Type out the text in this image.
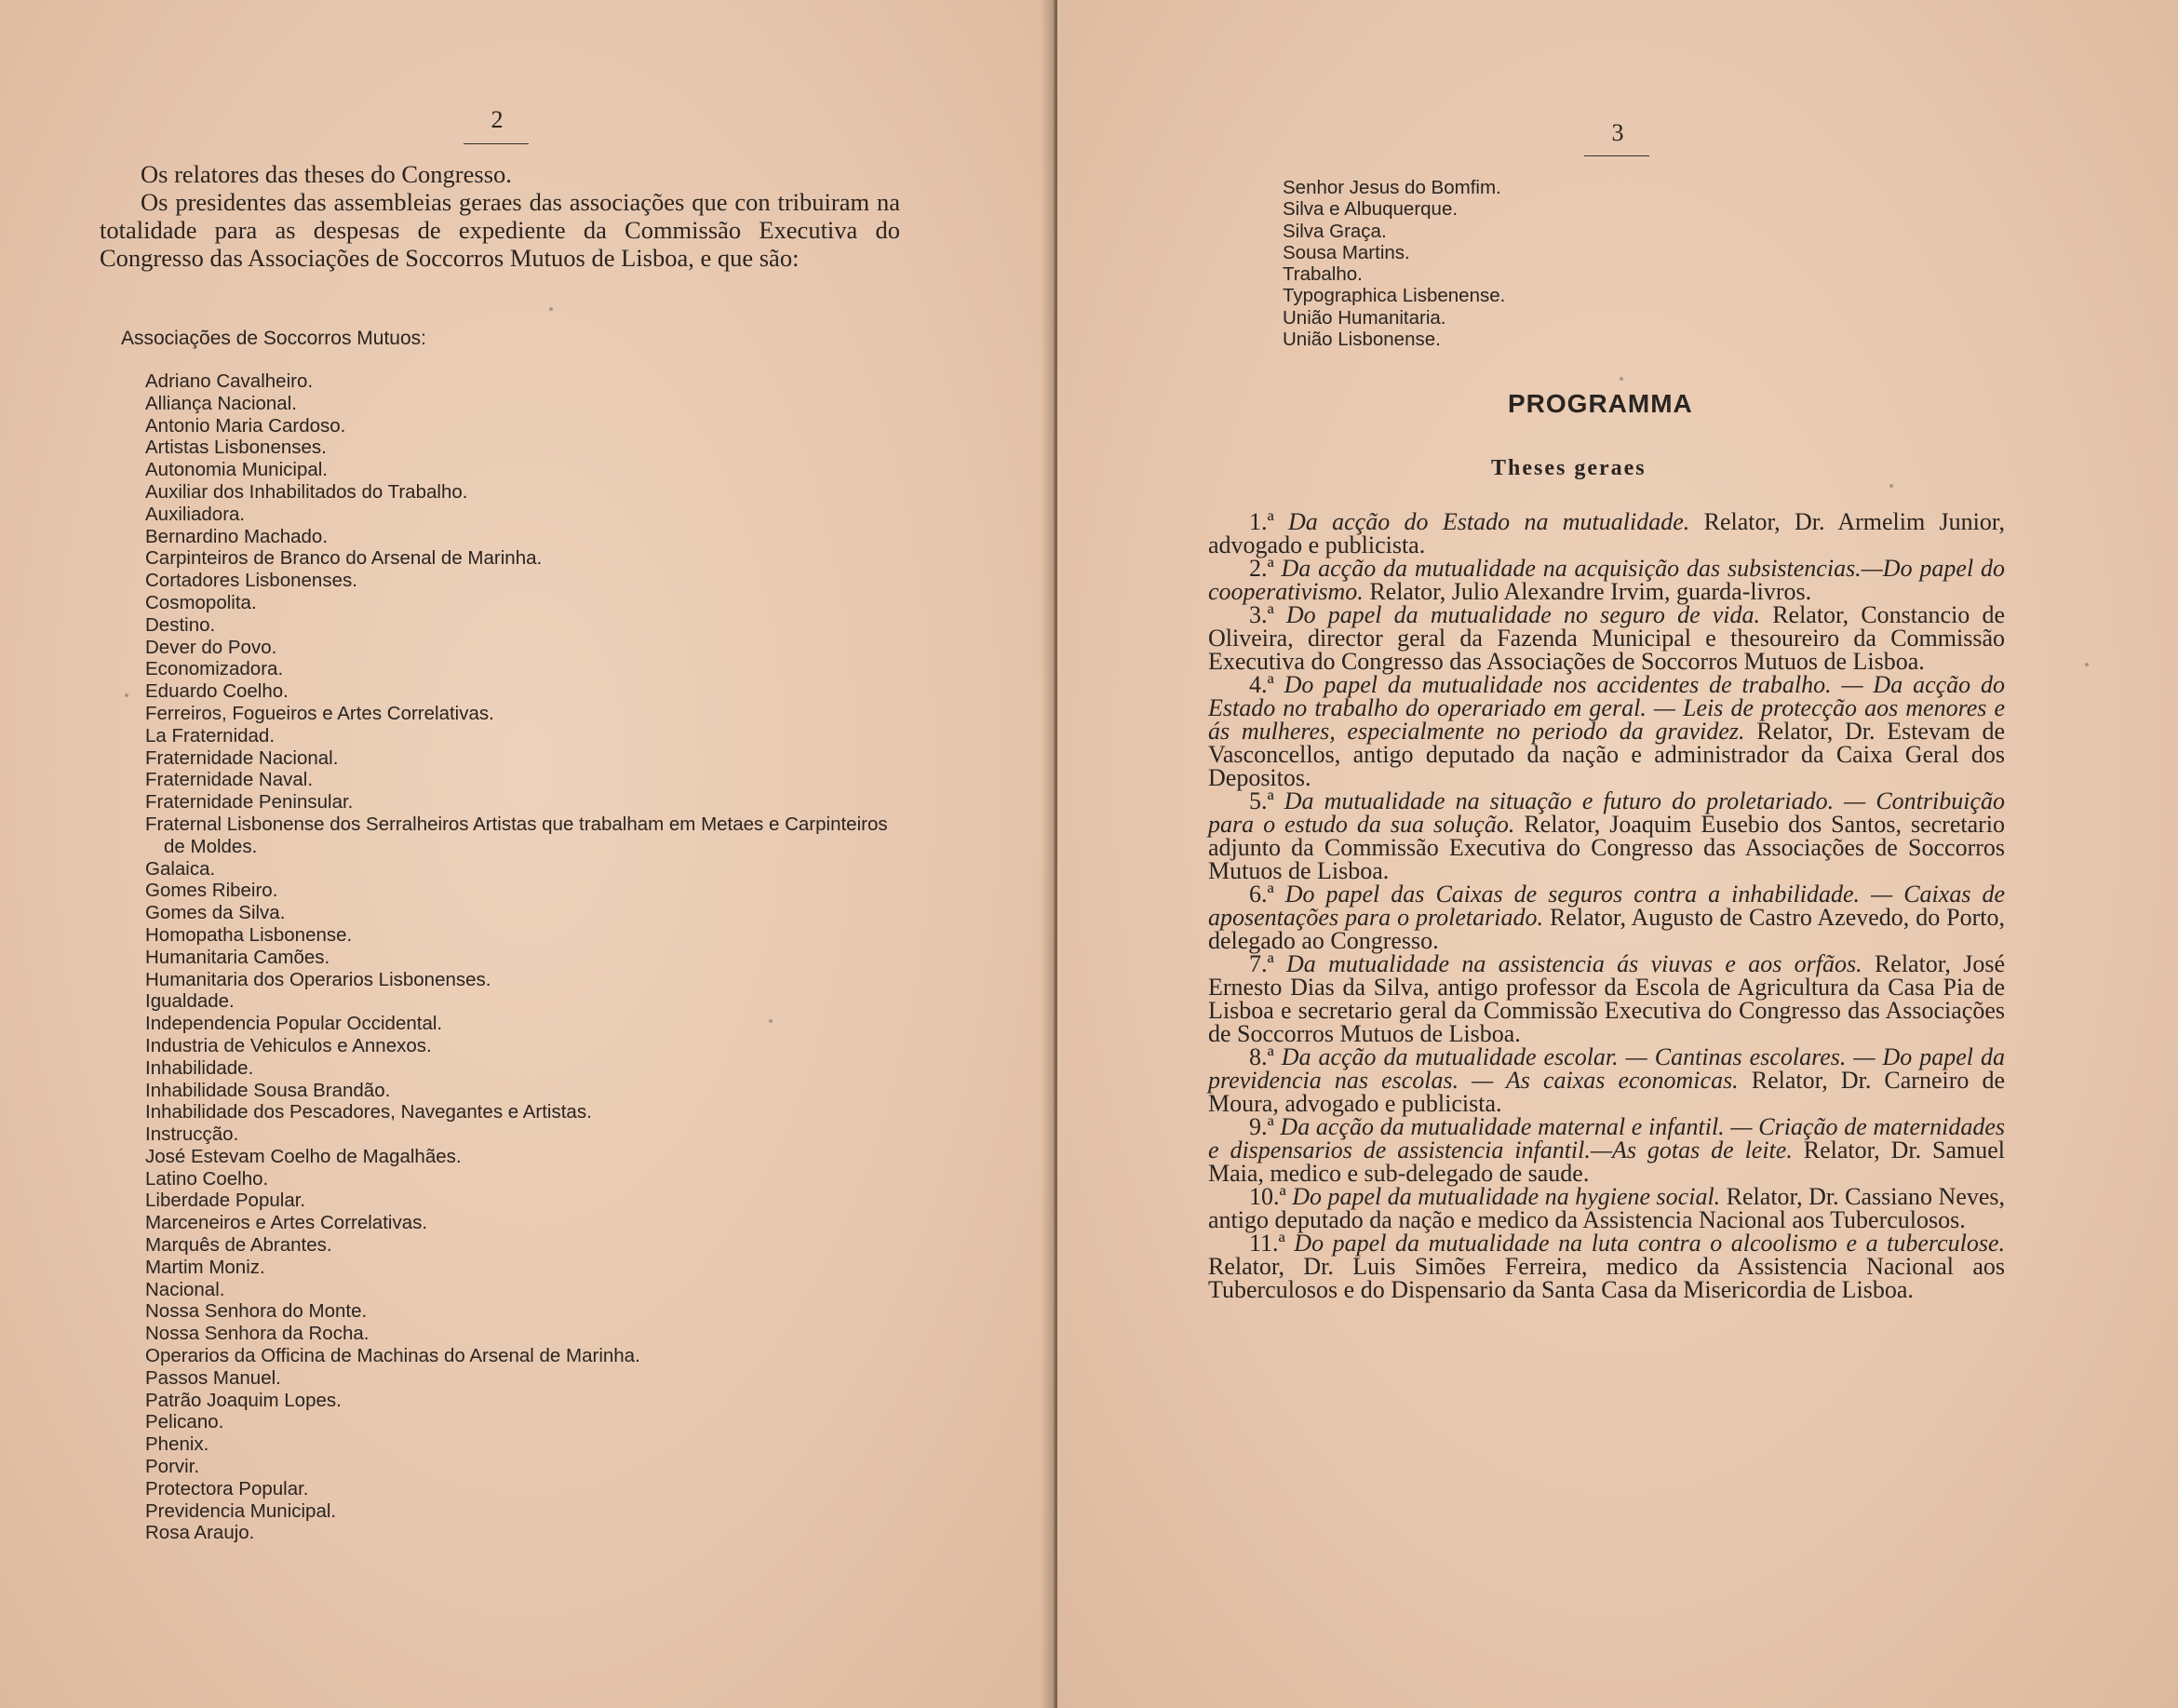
2

Os relatores das theses do Congresso.

Os presidentes das assembleias geraes das associações que con tribuiram na totalidade para as despesas de expediente da Commissão Executiva do Congresso das Associações de Soccorros Mutuos de Lisboa, e que são:

Associações de Soccorros Mutuos:
Adriano Cavalheiro.
Alliança Nacional.
Antonio Maria Cardoso.
Artistas Lisbonenses.
Autonomia Municipal.
Auxiliar dos Inhabilitados do Trabalho.
Auxiliadora.
Bernardino Machado.
Carpinteiros de Branco do Arsenal de Marinha.
Cortadores Lisbonenses.
Cosmopolita.
Destino.
Dever do Povo.
Economizadora.
Eduardo Coelho.
Ferreiros, Fogueiros e Artes Correlativas.
La Fraternidad.
Fraternidade Nacional.
Fraternidade Naval.
Fraternidade Peninsular.
Fraternal Lisbonense dos Serralheiros Artistas que trabalham em Metaes e Carpinteiros de Moldes.
Galaica.
Gomes Ribeiro.
Gomes da Silva.
Homopatha Lisbonense.
Humanitaria Camões.
Humanitaria dos Operarios Lisbonenses.
Igualdade.
Independencia Popular Occidental.
Industria de Vehiculos e Annexos.
Inhabilidade.
Inhabilidade Sousa Brandão.
Inhabilidade dos Pescadores, Navegantes e Artistas.
Instrucção.
José Estevam Coelho de Magalhães.
Latino Coelho.
Liberdade Popular.
Marceneiros e Artes Correlativas.
Marquês de Abrantes.
Martim Moniz.
Nacional.
Nossa Senhora do Monte.
Nossa Senhora da Rocha.
Operarios da Officina de Machinas do Arsenal de Marinha.
Passos Manuel.
Patrão Joaquim Lopes.
Pelicano.
Phenix.
Porvir.
Protectora Popular.
Previdencia Municipal.
Rosa Araujo.
3
Senhor Jesus do Bomfim.
Silva e Albuquerque.
Silva Graça.
Sousa Martins.
Trabalho.
Typographica Lisbenense.
União Humanitaria.
União Lisbonense.
PROGRAMMA
Theses geraes

1.ª Da acção do Estado na mutualidade. Relator, Dr. Armelim Junior, advogado e publicista.

2.ª Da acção da mutualidade na acquisição das subsistencias.—Do papel do cooperativismo. Relator, Julio Alexandre Irvim, guarda-livros.

3.ª Do papel da mutualidade no seguro de vida. Relator, Constancio de Oliveira, director geral da Fazenda Municipal e thesoureiro da Commissão Executiva do Congresso das Associações de Soccorros Mutuos de Lisboa.

4.ª Do papel da mutualidade nos accidentes de trabalho. — Da acção do Estado no trabalho do operariado em geral. — Leis de protecção aos menores e ás mulheres, especialmente no periodo da gravidez. Relator, Dr. Estevam de Vasconcellos, antigo deputado da nação e administrador da Caixa Geral dos Depositos.

5.ª Da mutualidade na situação e futuro do proletariado. — Contribuição para o estudo da sua solução. Relator, Joaquim Eusebio dos Santos, secretario adjunto da Commissão Executiva do Congresso das Associações de Soccorros Mutuos de Lisboa.

6.ª Do papel das Caixas de seguros contra a inhabilidade. — Caixas de aposentações para o proletariado. Relator, Augusto de Castro Azevedo, do Porto, delegado ao Congresso.

7.ª Da mutualidade na assistencia ás viuvas e aos orfãos. Relator, José Ernesto Dias da Silva, antigo professor da Escola de Agricultura da Casa Pia de Lisboa e secretario geral da Commissão Executiva do Congresso das Associações de Soccorros Mutuos de Lisboa.

8.ª Da acção da mutualidade escolar. — Cantinas escolares. — Do papel da previdencia nas escolas. — As caixas economicas. Relator, Dr. Carneiro de Moura, advogado e publicista.

9.ª Da acção da mutualidade maternal e infantil. — Criação de maternidades e dispensarios de assistencia infantil.—As gotas de leite. Relator, Dr. Samuel Maia, medico e sub-delegado de saude.

10.ª Do papel da mutualidade na hygiene social. Relator, Dr. Cassiano Neves, antigo deputado da nação e medico da Assistencia Nacional aos Tuberculosos.

11.ª Do papel da mutualidade na luta contra o alcoolismo e a tuberculose. Relator, Dr. Luis Simões Ferreira, medico da Assistencia Nacional aos Tuberculosos e do Dispensario da Santa Casa da Misericordia de Lisboa.
